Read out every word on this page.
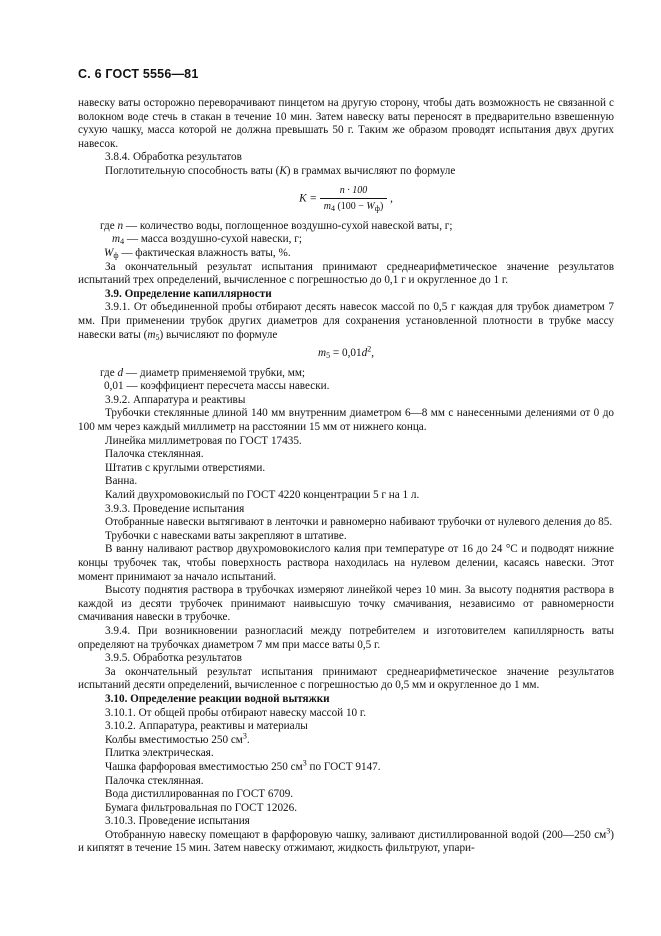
С. 6 ГОСТ 5556—81

навеску ваты осторожно переворачивают пинцетом на другую сторону, чтобы дать возможность не связанной с волокном воде стечь в стакан в течение 10 мин. Затем навеску ваты переносят в предварительно взвешенную сухую чашку, масса которой не должна превышать 50 г. Таким же образом проводят испытания двух других навесок.

3.8.4. Обработка результатов

Поглотительную способность ваты (K) в граммах вычисляют по формуле

$K = \frac{n \cdot 100}{m_4 (100 - W_ф)}$ ,

где n — количество воды, поглощенное воздушно-сухой навеской ваты, г;

$m_4$ — масса воздушно-сухой навески, г;

$W_ф$ — фактическая влажность ваты, %.

За окончательный результат испытания принимают среднеарифметическое значение результатов испытаний трех определений, вычисленное с погрешностью до 0,1 г и округленное до 1 г.

3.9. Определение капиллярности

3.9.1. От объединенной пробы отбирают десять навесок массой по 0,5 г каждая для трубок диаметром 7 мм. При применении трубок других диаметров для сохранения установленной плотности в трубке массу навески ваты $(m_5)$ вычисляют по формуле

$m_5 = 0,01d^2$,

где d — диаметр применяемой трубки, мм;

0,01 — коэффициент пересчета массы навески.

3.9.2. Аппаратура и реактивы

Трубочки стеклянные длиной 140 мм внутренним диаметром 6—8 мм с нанесенными делениями от 0 до 100 мм через каждый миллиметр на расстоянии 15 мм от нижнего конца.

Линейка миллиметровая по ГОСТ 17435.

Палочка стеклянная.

Штатив с круглыми отверстиями.

Ванна.

Калий двухромовокислый по ГОСТ 4220 концентрации 5 г на 1 л.

3.9.3. Проведение испытания

Отобранные навески вытягивают в ленточки и равномерно набивают трубочки от нулевого деления до 85.

Трубочки с навесками ваты закрепляют в штативе.

В ванну наливают раствор двухромовокислого калия при температуре от 16 до 24 °С и подводят нижние концы трубочек так, чтобы поверхность раствора находилась на нулевом делении, касаясь навески. Этот момент принимают за начало испытаний.

Высоту поднятия раствора в трубочках измеряют линейкой через 10 мин. За высоту поднятия раствора в каждой из десяти трубочек принимают наивысшую точку смачивания, независимо от равномерности смачивания навески в трубочке.

3.9.4. При возникновении разногласий между потребителем и изготовителем капиллярность ваты определяют на трубочках диаметром 7 мм при массе ваты 0,5 г.

3.9.5. Обработка результатов

За окончательный результат испытания принимают среднеарифметическое значение результатов испытаний десяти определений, вычисленное с погрешностью до 0,5 мм и округленное до 1 мм.

3.10. Определение реакции водной вытяжки

3.10.1. От общей пробы отбирают навеску массой 10 г.

3.10.2. Аппаратура, реактивы и материалы

Колбы вместимостью 250 $см^3$.

Плитка электрическая.

Чашка фарфоровая вместимостью 250 $см^3$ по ГОСТ 9147.

Палочка стеклянная.

Вода дистиллированная по ГОСТ 6709.

Бумага фильтровальная по ГОСТ 12026.

3.10.3. Проведение испытания

Отобранную навеску помещают в фарфоровую чашку, заливают дистиллированной водой (200—250 $см^3$) и кипятят в течение 15 мин. Затем навеску отжимают, жидкость фильтруют, упари-
